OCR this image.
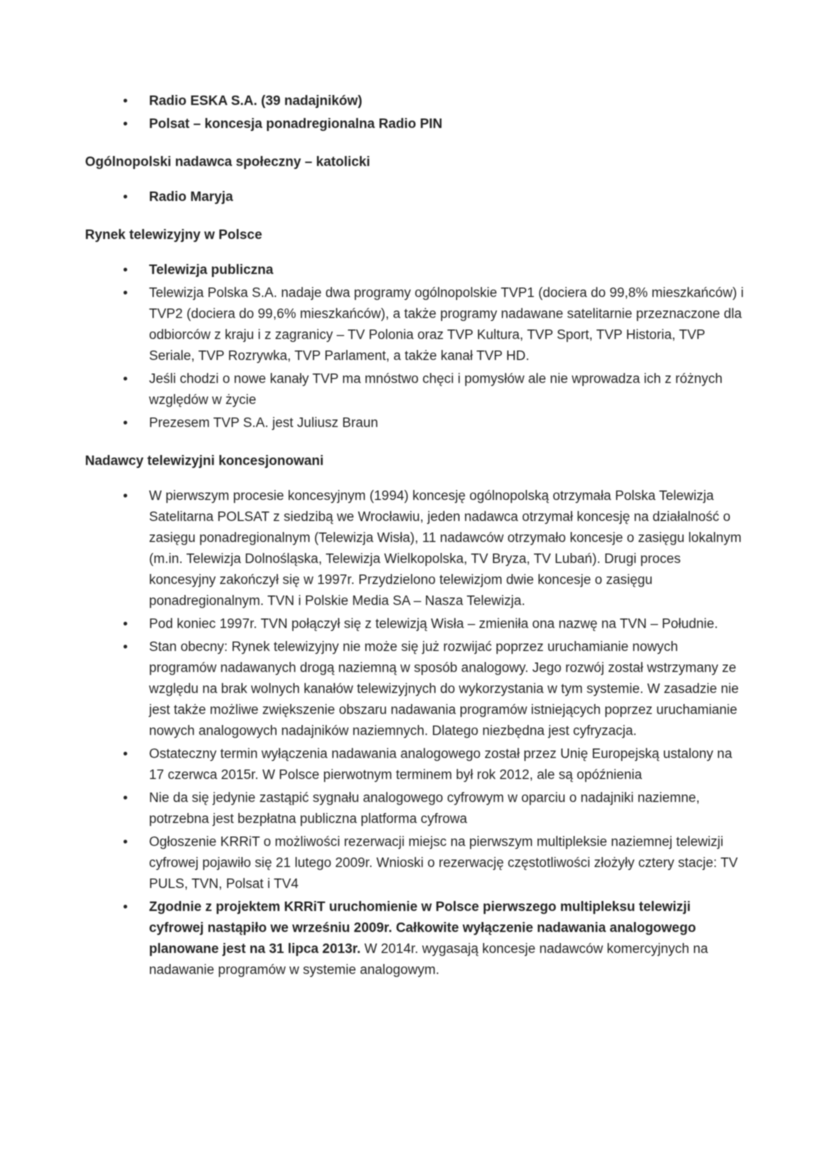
• Radio ESKA S.A. (39 nadajników)
• Polsat – koncesja ponadregionalna Radio PIN

Ogólnopolski nadawca społeczny – katolicki

• Radio Maryja

Rynek telewizyjny w Polsce

• Telewizja publiczna
• Telewizja Polska S.A. nadaje dwa programy ogólnopolskie TVP1 (dociera do 99,8% mieszkańców) i TVP2 (dociera do 99,6% mieszkańców), a także programy nadawane satelitarnie przeznaczone dla odbiorców z kraju i z zagranicy – TV Polonia oraz TVP Kultura, TVP Sport, TVP Historia, TVP Seriale, TVP Rozrywka, TVP Parlament, a także kanał TVP HD.
• Jeśli chodzi o nowe kanały TVP ma mnóstwo chęci i pomysłów ale nie wprowadza ich z różnych względów w życie
• Prezesem TVP S.A. jest Juliusz Braun

Nadawcy telewizyjni koncesjonowani

• W pierwszym procesie koncesyjnym (1994) koncesję ogólnopolską otrzymała Polska Telewizja Satelitarna POLSAT z siedzibą we Wrocławiu, jeden nadawca otrzymał koncesję na działalność o zasięgu ponadregionalnym (Telewizja Wisła), 11 nadawców otrzymało koncesje o zasięgu lokalnym (m.in. Telewizja Dolnośląska, Telewizja Wielkopolska, TV Bryza, TV Lubań). Drugi proces koncesyjny zakończył się w 1997r. Przydzielono telewizjom dwie koncesje o zasięgu ponadregionalnym. TVN i Polskie Media SA – Nasza Telewizja.
• Pod koniec 1997r. TVN połączył się z telewizją Wisła – zmieniła ona nazwę na TVN – Południe.
• Stan obecny: Rynek telewizyjny nie może się już rozwijać poprzez uruchamianie nowych programów nadawanych drogą naziemną w sposób analogowy. Jego rozwój został wstrzymany ze względu na brak wolnych kanałów telewizyjnych do wykorzystania w tym systemie. W zasadzie nie jest także możliwe zwiększenie obszaru nadawania programów istniejących poprzez uruchamianie nowych analogowych nadajników naziemnych. Dlatego niezbędna jest cyfryzacja.
• Ostateczny termin wyłączenia nadawania analogowego został przez Unię Europejską ustalony na 17 czerwca 2015r. W Polsce pierwotnym terminem był rok 2012, ale są opóźnienia
• Nie da się jedynie zastąpić sygnału analogowego cyfrowym w oparciu o nadajniki naziemne, potrzebna jest bezpłatna publiczna platforma cyfrowa
• Ogłoszenie KRRiT o możliwości rezerwacji miejsc na pierwszym multipleksie naziemnej telewizji cyfrowej pojawiło się 21 lutego 2009r. Wnioski o rezerwację częstotliwości złożyły cztery stacje: TV PULS, TVN, Polsat i TV4
• Zgodnie z projektem KRRiT uruchomienie w Polsce pierwszego multipleksu telewizji cyfrowej nastąpiło we wrześniu 2009r. Całkowite wyłączenie nadawania analogowego planowane jest na 31 lipca 2013r. W 2014r. wygasają koncesje nadawców komercyjnych na nadawanie programów w systemie analogowym.
